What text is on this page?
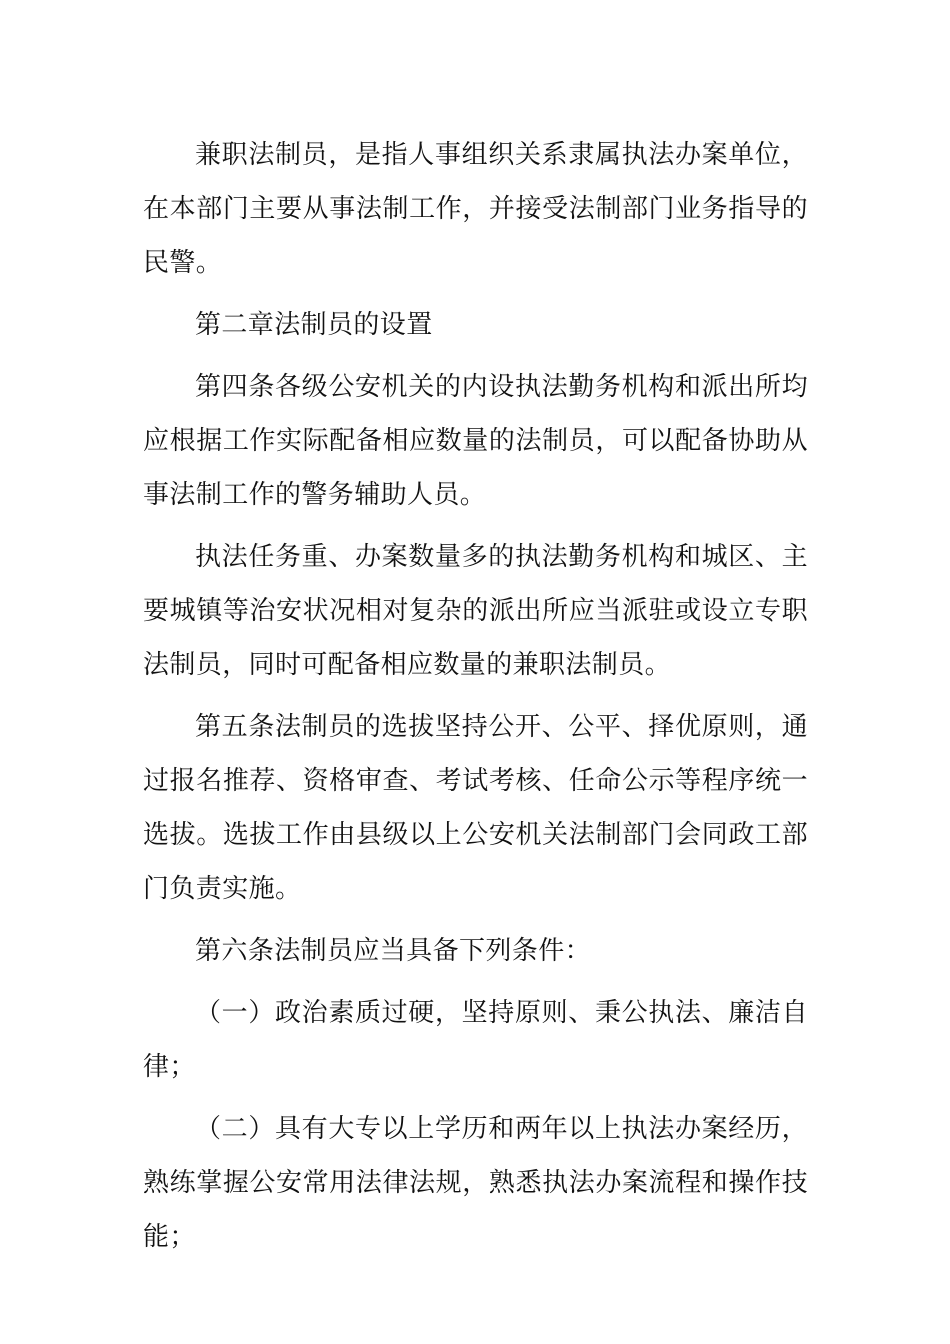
兼职法制员，是指人事组织关系隶属执法办案单位，在本部门主要从事法制工作，并接受法制部门业务指导的民警。

第二章法制员的设置

第四条各级公安机关的内设执法勤务机构和派出所均应根据工作实际配备相应数量的法制员，可以配备协助从事法制工作的警务辅助人员。

执法任务重、办案数量多的执法勤务机构和城区、主要城镇等治安状况相对复杂的派出所应当派驻或设立专职法制员，同时可配备相应数量的兼职法制员。

第五条法制员的选拔坚持公开、公平、择优原则，通过报名推荐、资格审查、考试考核、任命公示等程序统一选拔。选拔工作由县级以上公安机关法制部门会同政工部门负责实施。

第六条法制员应当具备下列条件：

（一）政治素质过硬，坚持原则、秉公执法、廉洁自律；

（二）具有大专以上学历和两年以上执法办案经历，熟练掌握公安常用法律法规，熟悉执法办案流程和操作技能；
